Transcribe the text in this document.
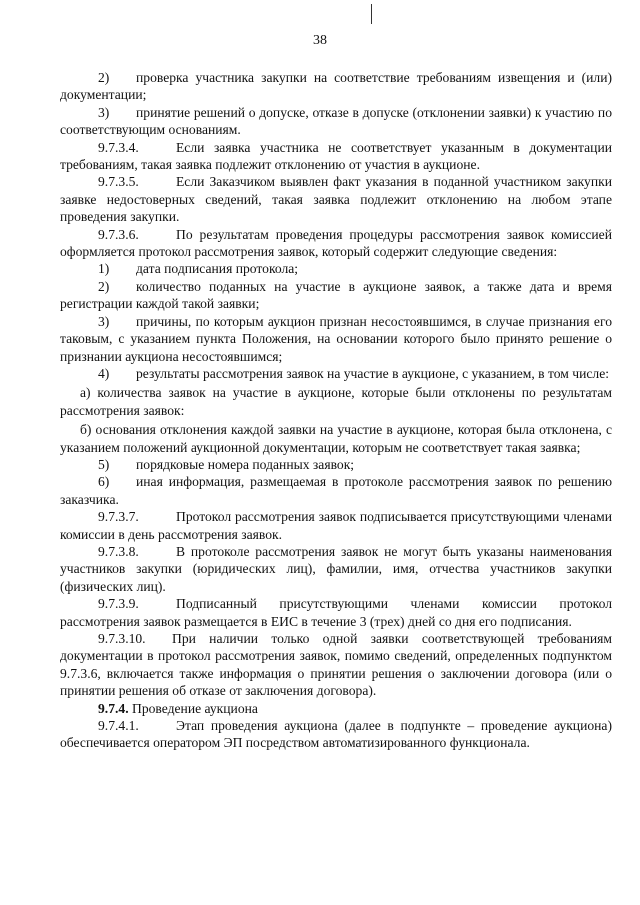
38

2) проверка участника закупки на соответствие требованиям извещения и (или) документации;

3) принятие решений о допуске, отказе в допуске (отклонении заявки) к участию по соответствующим основаниям.

9.7.3.4.	Если заявка участника не соответствует указанным в документации требованиям, такая заявка подлежит отклонению от участия в аукционе.

9.7.3.5.	Если Заказчиком выявлен факт указания в поданной участником закупки заявке недостоверных сведений, такая заявка подлежит отклонению на любом этапе проведения закупки.

9.7.3.6.	По результатам проведения процедуры рассмотрения заявок комиссией оформляется протокол рассмотрения заявок, который содержит следующие сведения:

1) дата подписания протокола;

2) количество поданных на участие в аукционе заявок, а также дата и время регистрации каждой такой заявки;

3) причины, по которым аукцион признан несостоявшимся, в случае признания его таковым, с указанием пункта Положения, на основании которого было принято решение о признании аукциона несостоявшимся;

4) результаты рассмотрения заявок на участие в аукционе, с указанием, в том числе:

а) количества заявок на участие в аукционе, которые были отклонены по результатам рассмотрения заявок:

б) основания отклонения каждой заявки на участие в аукционе, которая была отклонена, с указанием положений аукционной документации, которым не соответствует такая заявка;

5) порядковые номера поданных заявок;

6) иная информация, размещаемая в протоколе рассмотрения заявок по решению заказчика.

9.7.3.7.	Протокол рассмотрения заявок подписывается присутствующими членами комиссии в день рассмотрения заявок.

9.7.3.8.	В протоколе рассмотрения заявок не могут быть указаны наименования участников закупки (юридических лиц), фамилии, имя, отчества участников закупки (физических лиц).

9.7.3.9.	Подписанный присутствующими членами комиссии протокол рассмотрения заявок размещается в ЕИС в течение 3 (трех) дней со дня его подписания.

9.7.3.10. При наличии только одной заявки соответствующей требованиям документации в протокол рассмотрения заявок, помимо сведений, определенных подпунктом 9.7.3.6, включается также информация о принятии решения о заключении договора (или о принятии решения об отказе от заключения договора).

9.7.4. Проведение аукциона

9.7.4.1.	Этап проведения аукциона (далее в подпункте – проведение аукциона) обеспечивается оператором ЭП посредством автоматизированного функционала.
